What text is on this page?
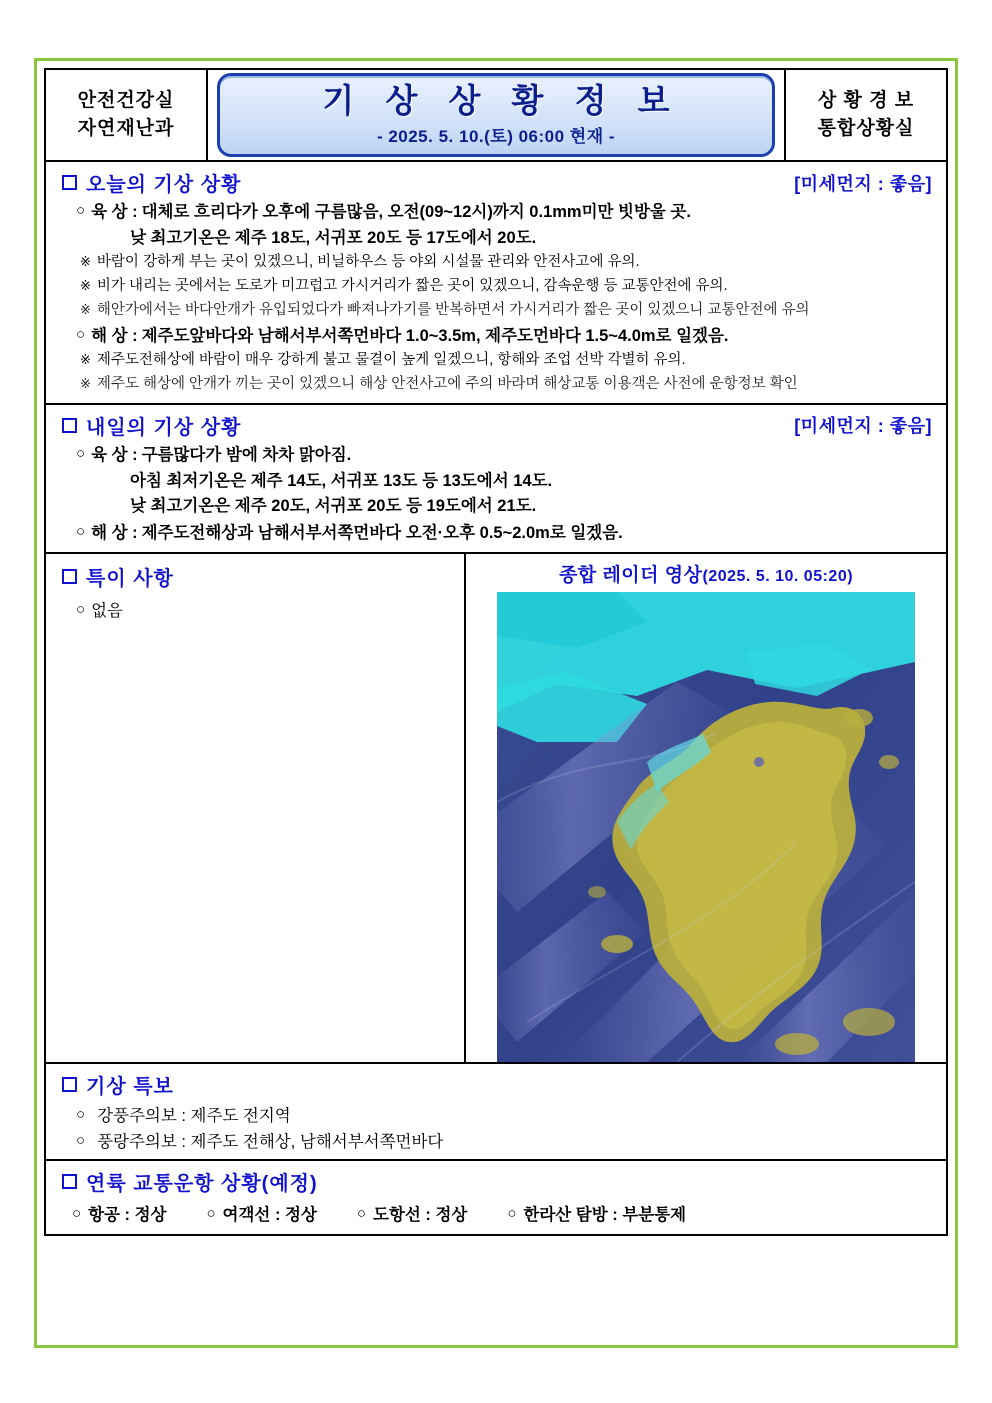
안전건강실
자연재난과
기 상 상 황 정 보
- 2025. 5. 10.(토) 06:00 현재 -
상 황 경 보
통합상황실
오늘의 기상 상황	[미세먼지 : 좋음]
○ 육 상 : 대체로 흐리다가 오후에 구름많음, 오전(09~12시)까지 0.1mm미만 빗방울 곳.
낮 최고기온은 제주 18도, 서귀포 20도 등 17도에서 20도.
※ 바람이 강하게 부는 곳이 있겠으니, 비닐하우스 등 야외 시설물 관리와 안전사고에 유의.
※ 비가 내리는 곳에서는 도로가 미끄럽고 가시거리가 짧은 곳이 있겠으니, 감속운행 등 교통안전에 유의.
※ 해안가에서는 바다안개가 유입되었다가 빠져나가기를 반복하면서 가시거리가 짧은 곳이 있겠으니 교통안전에 유의
○ 해 상 : 제주도앞바다와 남해서부서쪽먼바다 1.0~3.5m, 제주도먼바다 1.5~4.0m로 일겠음.
※ 제주도전해상에 바람이 매우 강하게 불고 물결이 높게 일겠으니, 항해와 조업 선박 각별히 유의.
※ 제주도 해상에 안개가 끼는 곳이 있겠으니 해상 안전사고에 주의 바라며 해상교통 이용객은 사전에 운항정보 확인
내일의 기상 상황	[미세먼지 : 좋음]
○ 육 상 : 구름많다가 밤에 차차 맑아짐.
아침 최저기온은 제주 14도, 서귀포 13도 등 13도에서 14도.
낮 최고기온은 제주 20도, 서귀포 20도 등 19도에서 21도.
○ 해 상 : 제주도전해상과 남해서부서쪽먼바다 오전·오후 0.5~2.0m로 일겠음.
특이 사항
○ 없음
종합 레이더 영상(2025. 5. 10. 05:20)
기상 특보
○ 강풍주의보 : 제주도 전지역
○ 풍랑주의보 : 제주도 전해상, 남해서부서쪽먼바다
연륙 교통운항 상황(예정)
○ 항공 : 정상	○ 여객선 : 정상	○ 도항선 : 정상	○ 한라산 탐방 : 부분통제
